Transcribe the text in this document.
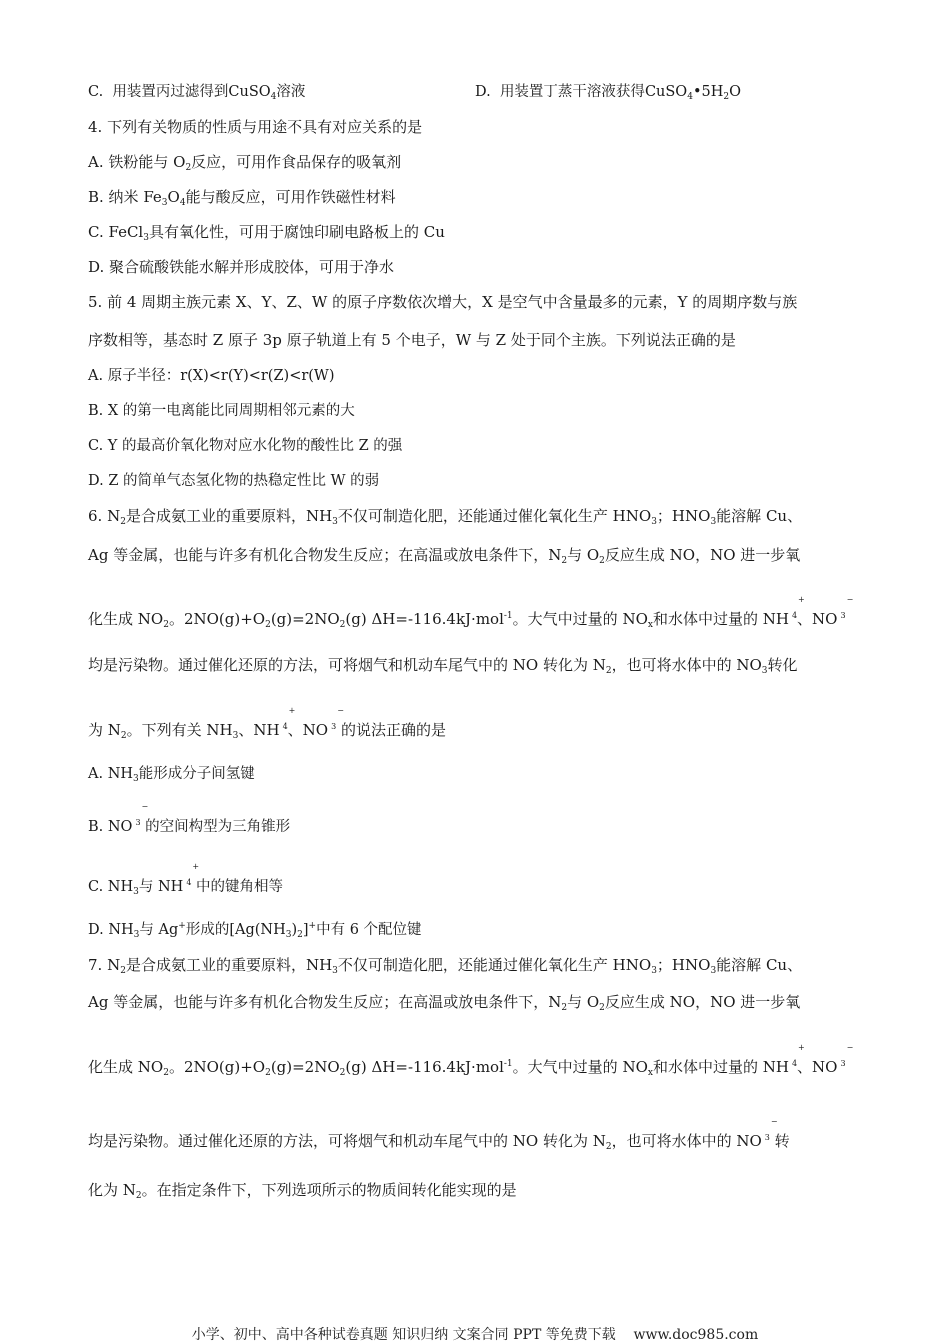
C. 用装置丙过滤得到CuSO$_4$溶液	D. 用装置丁蒸干溶液获得$CuSO_4•5H_2O$
4. 下列有关物质的性质与用途不具有对应关系的是
A. 铁粉能与 $O_2$反应，可用作食品保存的吸氧剂
B. 纳米 $Fe_3O_4$能与酸反应，可用作铁磁性材料
C. FeCl$_3$具有氧化性，可用于腐蚀印刷电路板上的 Cu
D. 聚合硫酸铁能水解并形成胶体，可用于净水
5. 前 4 周期主族元素 X、Y、Z、W 的原子序数依次增大，X 是空气中含量最多的元素，Y 的周期序数与族
序数相等，基态时 Z 原子 3p 原子轨道上有 5 个电子，W 与 Z 处于同个主族。下列说法正确的是
A. 原子半径：r(X)<r(Y)<r(Z)<r(W)
B. X 的第一电离能比同周期相邻元素的大
C. Y 的最高价氧化物对应水化物的酸性比 Z 的强
D. Z 的简单气态氢化物的热稳定性比 W 的弱
6. $N_2$是合成氨工业的重要原料，$NH_3$不仅可制造化肥，还能通过催化氧化生产 $HNO_3$；$HNO_3$能溶解 Cu、
Ag 等金属，也能与许多有机化合物发生反应；在高温或放电条件下，$N_2$与 $O_2$反应生成 NO，NO 进一步氧
化生成 $NO_2$。$2NO(g)+O_2(g)=2NO_2(g)$ ΔH=-116.4kJ·mol$^{-1}$。大气中过量的 $NO_x$和水体中过量的 NH $^4$
+
、NO $^3$
−
均是污染物。通过催化还原的方法，可将烟气和机动车尾气中的 NO 转化为 $N_2$，也可将水体中的 $NO_3$转化
为 $N_2$。下列有关 $NH_3$、NH $^4$
+
、NO $^3$
−
的说法正确的是
A. $NH_3$能形成分子间氢键
B. NO $^3$
−
的空间构型为三角锥形
C. $NH_3$与 NH $^4$
+
中的键角相等
D. $NH_3$与 Ag+形成的$[Ag(NH_3)_2]^+$中有 6 个配位键
7. $N_2$是合成氨工业的重要原料，$NH_3$不仅可制造化肥，还能通过催化氧化生产 $HNO_3$；$HNO_3$能溶解 Cu、
Ag 等金属，也能与许多有机化合物发生反应；在高温或放电条件下，$N_2$与 $O_2$反应生成 NO，NO 进一步氧
化生成 $NO_2$。$2NO(g)+O_2(g)=2NO_2(g)$ ΔH=-116.4kJ·mol$^{-1}$。大气中过量的 $NO_x$和水体中过量的 NH $^4$
+
、NO $^3$
−
均是污染物。通过催化还原的方法，可将烟气和机动车尾气中的 NO 转化为 $N_2$，也可将水体中的 NO $^3$
−
转
化为 $N_2$。在指定条件下，下列选项所示的物质间转化能实现的是
小学、初中、高中各种试卷真题 知识归纳 文案合同 PPT 等免费下载    www.doc985.com
